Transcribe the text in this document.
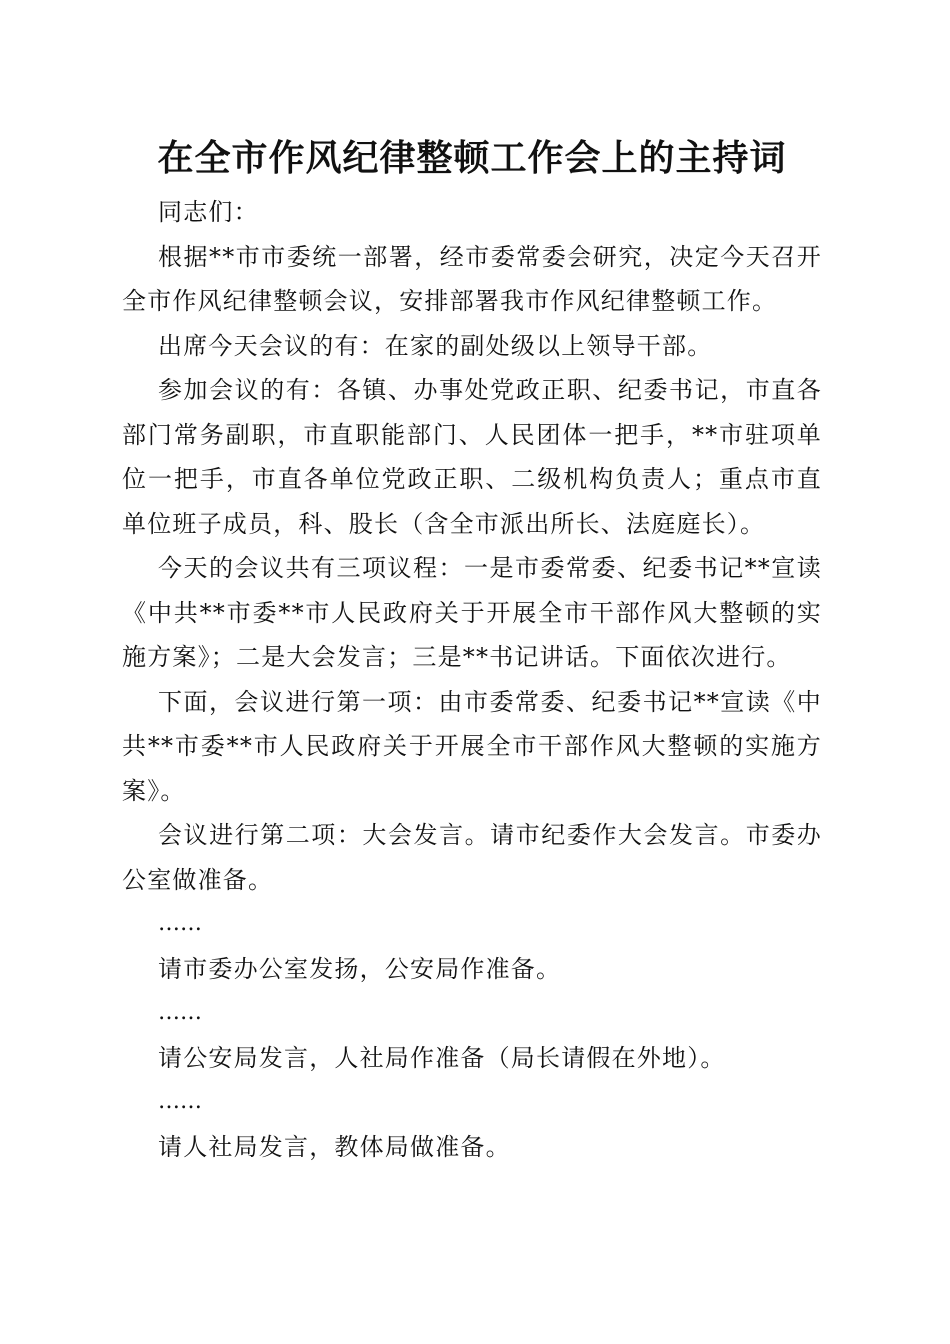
在全市作风纪律整顿工作会上的主持词

同志们：

根据**市市委统一部署，经市委常委会研究，决定今天召开全市作风纪律整顿会议，安排部署我市作风纪律整顿工作。

出席今天会议的有：在家的副处级以上领导干部。

参加会议的有：各镇、办事处党政正职、纪委书记，市直各部门常务副职，市直职能部门、人民团体一把手，**市驻项单位一把手，市直各单位党政正职、二级机构负责人；重点市直单位班子成员，科、股长（含全市派出所长、法庭庭长）。

今天的会议共有三项议程：一是市委常委、纪委书记**宣读《中共**市委**市人民政府关于开展全市干部作风大整顿的实施方案》；二是大会发言；三是**书记讲话。下面依次进行。

下面，会议进行第一项：由市委常委、纪委书记**宣读《中共**市委**市人民政府关于开展全市干部作风大整顿的实施方案》。

会议进行第二项：大会发言。请市纪委作大会发言。市委办公室做准备。

……

请市委办公室发扬，公安局作准备。

……

请公安局发言，人社局作准备（局长请假在外地）。

……

请人社局发言，教体局做准备。
